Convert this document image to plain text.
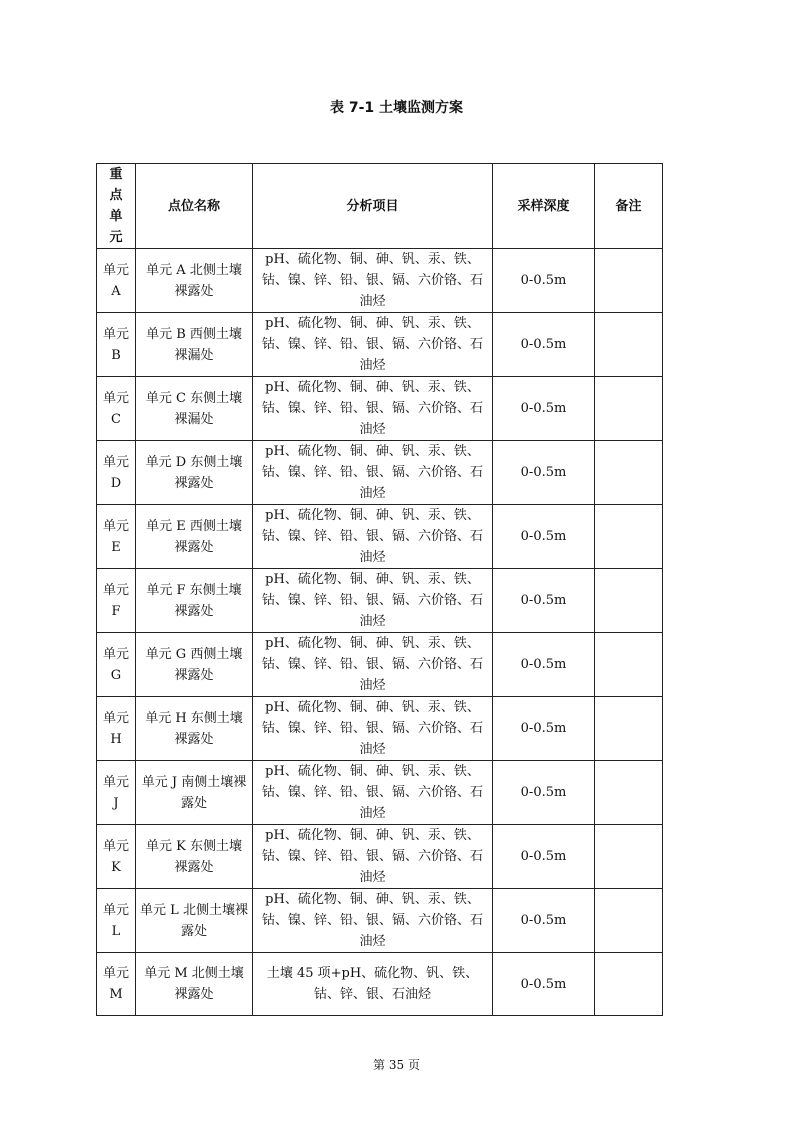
表 7-1 土壤监测方案
重点单元	点位名称	分析项目	采样深度	备注
单元A	单元 A 北侧土壤裸露处	pH、硫化物、铜、砷、钒、汞、铁、钴、镍、锌、铅、银、镉、六价铬、石油烃	0-0.5m	
单元B	单元 B 西侧土壤裸漏处	pH、硫化物、铜、砷、钒、汞、铁、钴、镍、锌、铅、银、镉、六价铬、石油烃	0-0.5m	
单元C	单元 C 东侧土壤裸漏处	pH、硫化物、铜、砷、钒、汞、铁、钴、镍、锌、铅、银、镉、六价铬、石油烃	0-0.5m	
单元D	单元 D 东侧土壤裸露处	pH、硫化物、铜、砷、钒、汞、铁、钴、镍、锌、铅、银、镉、六价铬、石油烃	0-0.5m	
单元E	单元 E 西侧土壤裸露处	pH、硫化物、铜、砷、钒、汞、铁、钴、镍、锌、铅、银、镉、六价铬、石油烃	0-0.5m	
单元F	单元 F 东侧土壤裸露处	pH、硫化物、铜、砷、钒、汞、铁、钴、镍、锌、铅、银、镉、六价铬、石油烃	0-0.5m	
单元G	单元 G 西侧土壤裸露处	pH、硫化物、铜、砷、钒、汞、铁、钴、镍、锌、铅、银、镉、六价铬、石油烃	0-0.5m	
单元H	单元 H 东侧土壤裸露处	pH、硫化物、铜、砷、钒、汞、铁、钴、镍、锌、铅、银、镉、六价铬、石油烃	0-0.5m	
单元J	单元 J 南侧土壤裸露处	pH、硫化物、铜、砷、钒、汞、铁、钴、镍、锌、铅、银、镉、六价铬、石油烃	0-0.5m	
单元K	单元 K 东侧土壤裸露处	pH、硫化物、铜、砷、钒、汞、铁、钴、镍、锌、铅、银、镉、六价铬、石油烃	0-0.5m	
单元L	单元 L 北侧土壤裸露处	pH、硫化物、铜、砷、钒、汞、铁、钴、镍、锌、铅、银、镉、六价铬、石油烃	0-0.5m	
单元M	单元 M 北侧土壤裸露处	土壤 45 项+pH、硫化物、钒、铁、钴、锌、银、石油烃	0-0.5m	
第 35 页
